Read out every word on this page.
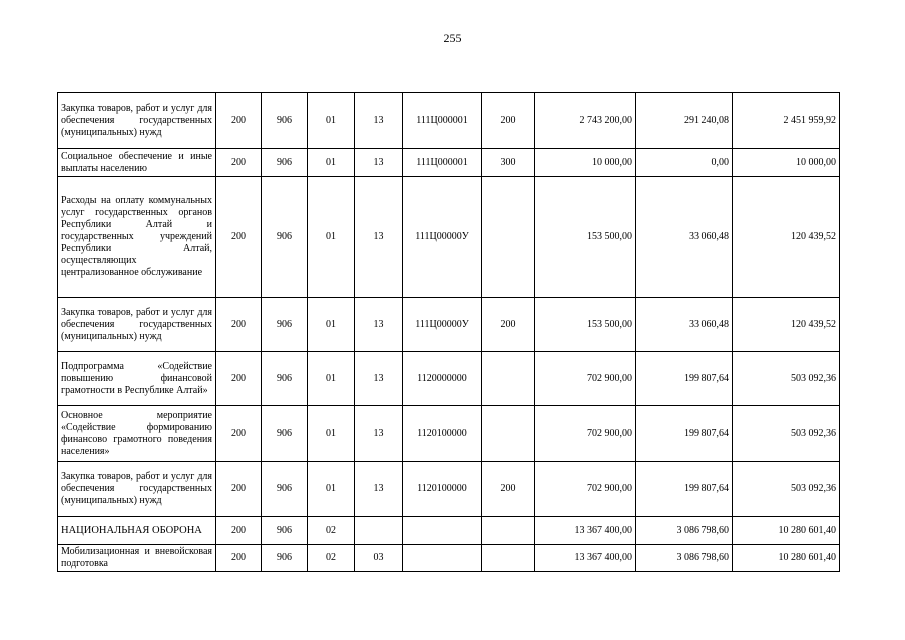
255
Закупка товаров, работ и услуг для обеспечения государственных (муниципальных) нужд	200	906	01	13	111Ц000001	200	2 743 200,00	291 240,08	2 451 959,92
Социальное обеспечение и иные выплаты населению	200	906	01	13	111Ц000001	300	10 000,00	0,00	10 000,00
Расходы на оплату коммунальных услуг государственных органов Республики Алтай и государственных учреждений Республики Алтай, осуществляющих централизованное обслуживание	200	906	01	13	111Ц00000У		153 500,00	33 060,48	120 439,52
Закупка товаров, работ и услуг для обеспечения государственных (муниципальных) нужд	200	906	01	13	111Ц00000У	200	153 500,00	33 060,48	120 439,52
Подпрограмма «Содействие повышению финансовой грамотности в Республике Алтай»	200	906	01	13	1120000000		702 900,00	199 807,64	503 092,36
Основное мероприятие «Содействие формированию финансово грамотного поведения населения»	200	906	01	13	1120100000		702 900,00	199 807,64	503 092,36
Закупка товаров, работ и услуг для обеспечения государственных (муниципальных) нужд	200	906	01	13	1120100000	200	702 900,00	199 807,64	503 092,36
НАЦИОНАЛЬНАЯ ОБОРОНА	200	906	02				13 367 400,00	3 086 798,60	10 280 601,40
Мобилизационная и вневойсковая подготовка	200	906	02	03			13 367 400,00	3 086 798,60	10 280 601,40
